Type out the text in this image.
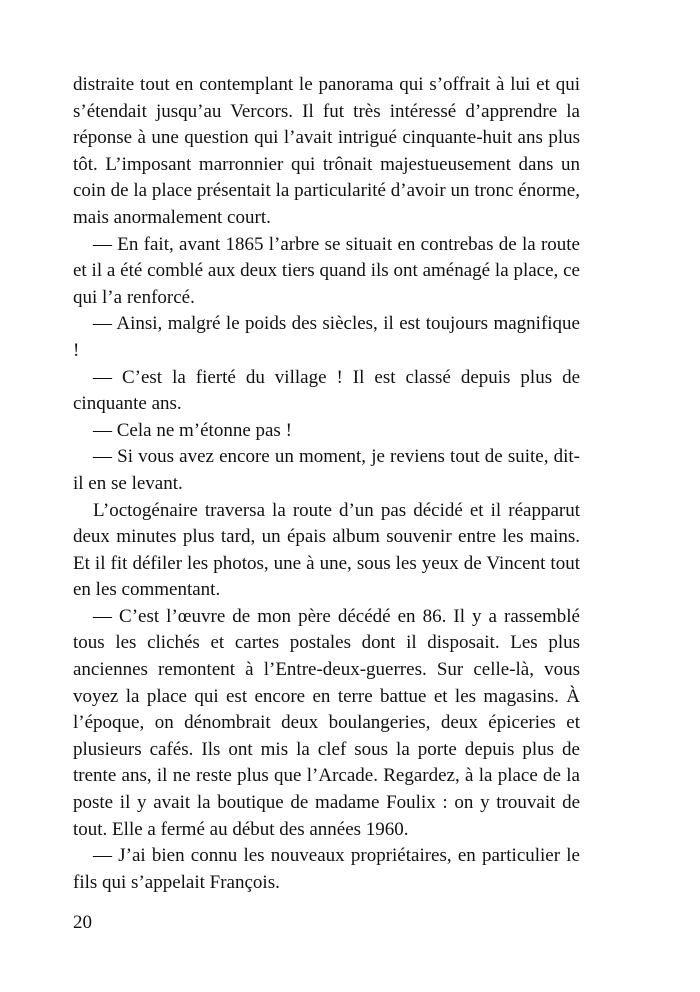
distraite tout en contemplant le panorama qui s’offrait à lui et qui s’étendait jusqu’au Vercors. Il fut très intéressé d’apprendre la réponse à une question qui l’avait intrigué cinquante-huit ans plus tôt. L’imposant marronnier qui trônait majestueusement dans un coin de la place présentait la particularité d’avoir un tronc énorme, mais anormalement court.

— En fait, avant 1865 l’arbre se situait en contrebas de la route et il a été comblé aux deux tiers quand ils ont aménagé la place, ce qui l’a renforcé.

— Ainsi, malgré le poids des siècles, il est toujours magnifique !

— C’est la fierté du village ! Il est classé depuis plus de cinquante ans.

— Cela ne m’étonne pas !

— Si vous avez encore un moment, je reviens tout de suite, dit-il en se levant.

L’octogénaire traversa la route d’un pas décidé et il réapparut deux minutes plus tard, un épais album souvenir entre les mains. Et il fit défiler les photos, une à une, sous les yeux de Vincent tout en les commentant.

— C’est l’œuvre de mon père décédé en 86. Il y a rassemblé tous les clichés et cartes postales dont il disposait. Les plus anciennes remontent à l’Entre-deux-guerres. Sur celle-là, vous voyez la place qui est encore en terre battue et les magasins. À l’époque, on dénombrait deux boulangeries, deux épiceries et plusieurs cafés. Ils ont mis la clef sous la porte depuis plus de trente ans, il ne reste plus que l’Arcade. Regardez, à la place de la poste il y avait la boutique de madame Foulix : on y trouvait de tout. Elle a fermé au début des années 1960.

— J’ai bien connu les nouveaux propriétaires, en particulier le fils qui s’appelait François.

20
